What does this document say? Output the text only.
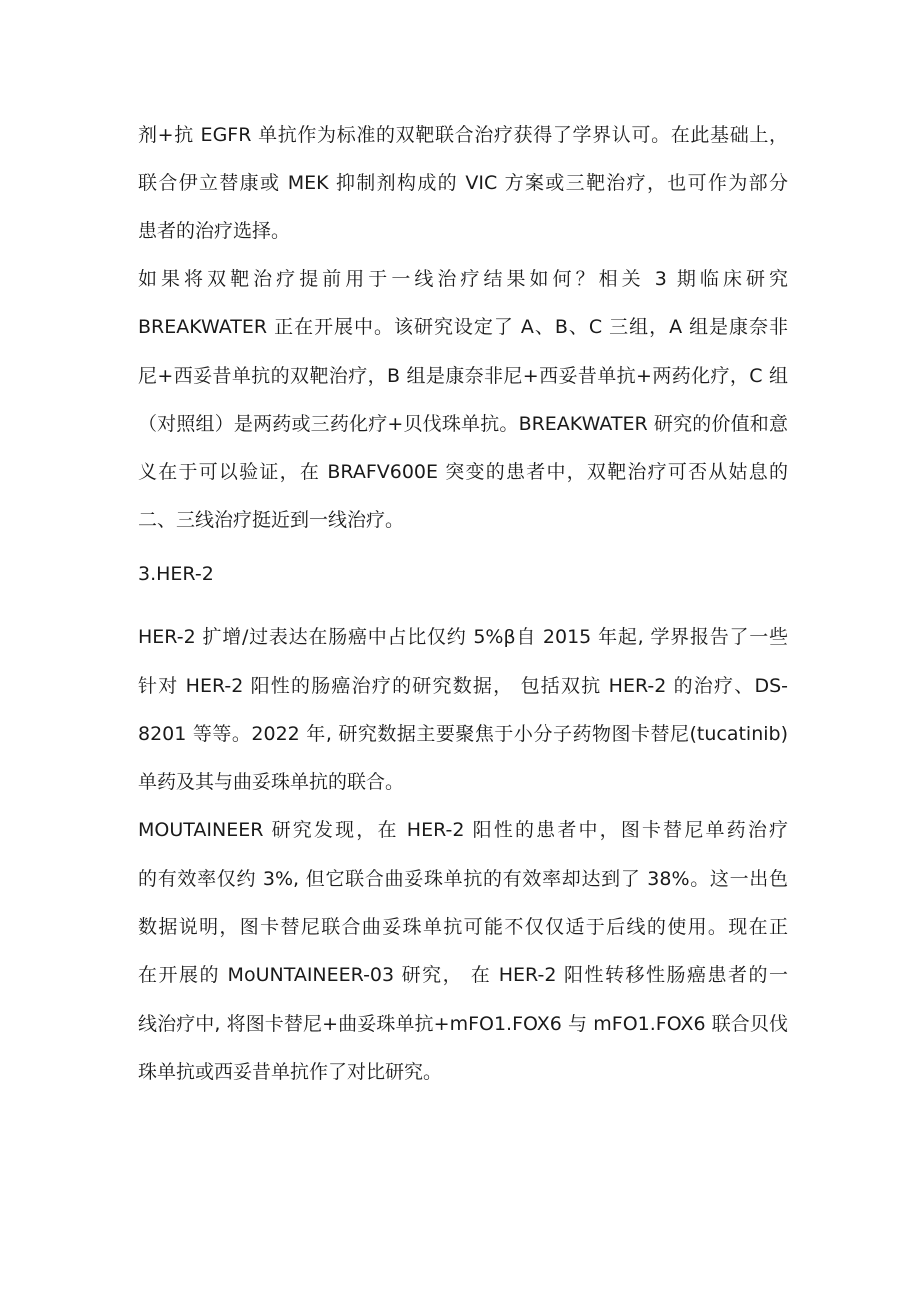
剂+抗 EGFR 单抗作为标准的双靶联合治疗获得了学界认可。在此基础上，
联合伊立替康或 MEK 抑制剂构成的 VIC 方案或三靶治疗，也可作为部分
患者的治疗选择。
如果将双靶治疗提前用于一线治疗结果如何？相关 3 期临床研究
BREAKWATER 正在开展中。该研究设定了 A、B、C 三组，A 组是康奈非
尼+西妥昔单抗的双靶治疗，B 组是康奈非尼+西妥昔单抗+两药化疗，C 组
（对照组）是两药或三药化疗+贝伐珠单抗。BREAKWATER 研究的价值和意
义在于可以验证，在 BRAFV600E 突变的患者中，双靶治疗可否从姑息的
二、三线治疗挺近到一线治疗。
3.HER-2
HER-2 扩增/过表达在肠癌中占比仅约 5%β自 2015 年起, 学界报告了一些
针对 HER-2 阳性的肠癌治疗的研究数据， 包括双抗 HER-2 的治疗、DS-
8201 等等。2022 年, 研究数据主要聚焦于小分子药物图卡替尼(tucatinib)
单药及其与曲妥珠单抗的联合。
MOUTAINEER 研究发现，在 HER-2 阳性的患者中，图卡替尼单药治疗
的有效率仅约 3%, 但它联合曲妥珠单抗的有效率却达到了 38%。这一出色
数据说明，图卡替尼联合曲妥珠单抗可能不仅仅适于后线的使用。现在正
在开展的 MoUNTAINEER-03 研究， 在 HER-2 阳性转移性肠癌患者的一
线治疗中, 将图卡替尼+曲妥珠单抗+mFO1.FOX6 与 mFO1.FOX6 联合贝伐
珠单抗或西妥昔单抗作了对比研究。
